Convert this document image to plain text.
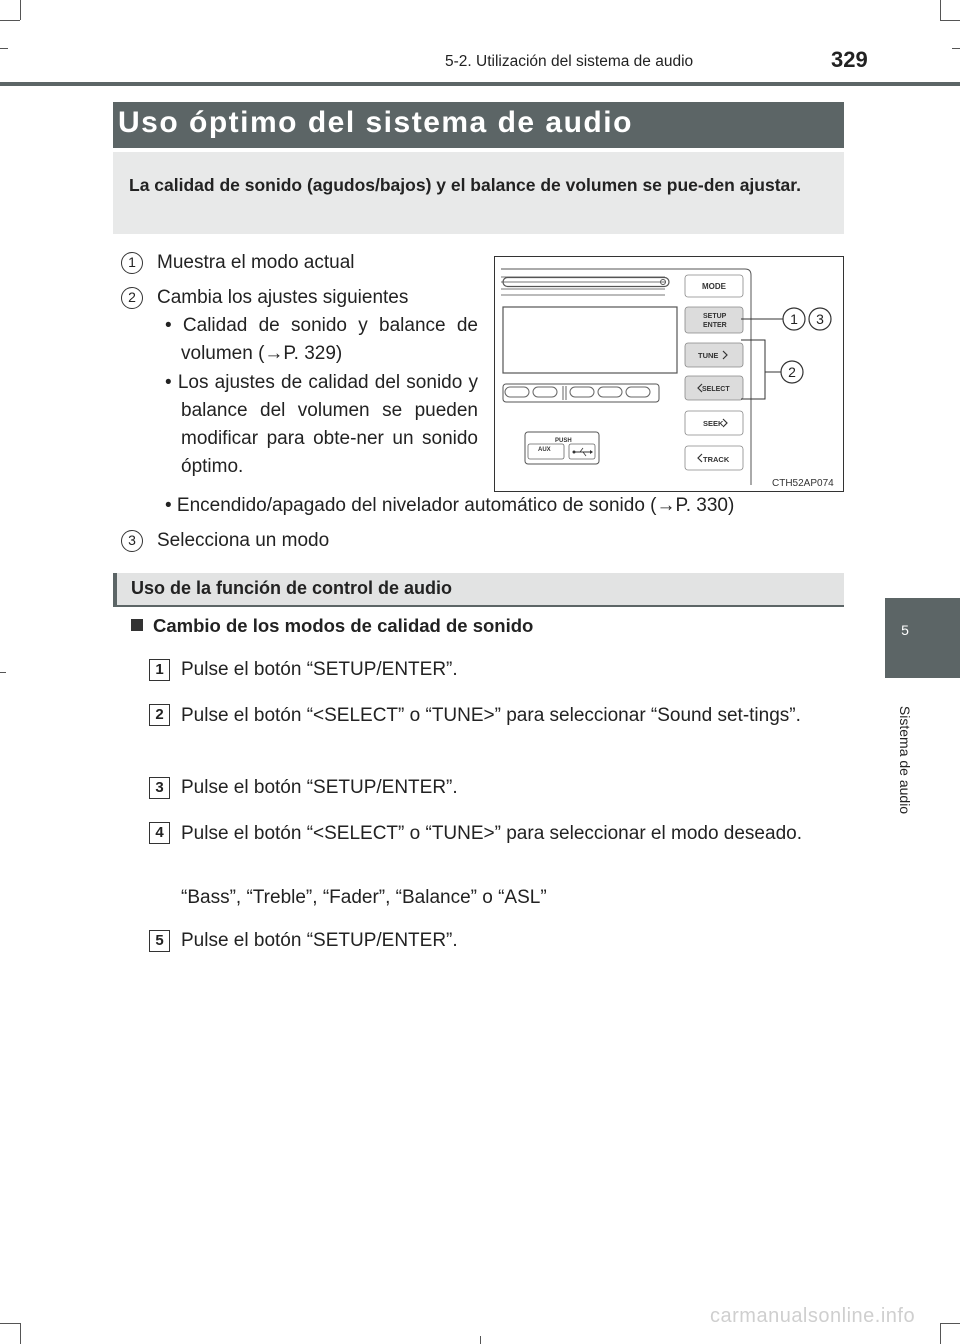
5-2. Utilización del sistema de audio	329
5
Sistema de audio
Uso óptimo del sistema de audio

La calidad de sonido (agudos/bajos) y el balance de volumen se pue-den ajustar.

1	Muestra el modo actual
2	Cambia los ajustes siguientes
• Calidad de sonido y balance de volumen (→P. 329)
• Los ajustes de calidad del sonido y balance del volumen se pueden modificar para obte-ner un sonido óptimo.
• Encendido/apagado del nivelador automático de sonido (→P. 330)
3	Selecciona un modo
PUSH
AUX
MODE
SETUP
ENTER
TUNE
SELECT
SEEK
TRACK
1 3
2
CTH52AP074
Uso de la función de control de audio
Cambio de los modos de calidad de sonido
1 Pulse el botón “SETUP/ENTER”.
2 Pulse el botón “<SELECT” o “TUNE>” para seleccionar “Sound set-tings”.
3 Pulse el botón “SETUP/ENTER”.
4 Pulse el botón “<SELECT” o “TUNE>” para seleccionar el modo deseado.
“Bass”, “Treble”, “Fader”, “Balance” o “ASL”
5 Pulse el botón “SETUP/ENTER”.
carmanualsonline.info
